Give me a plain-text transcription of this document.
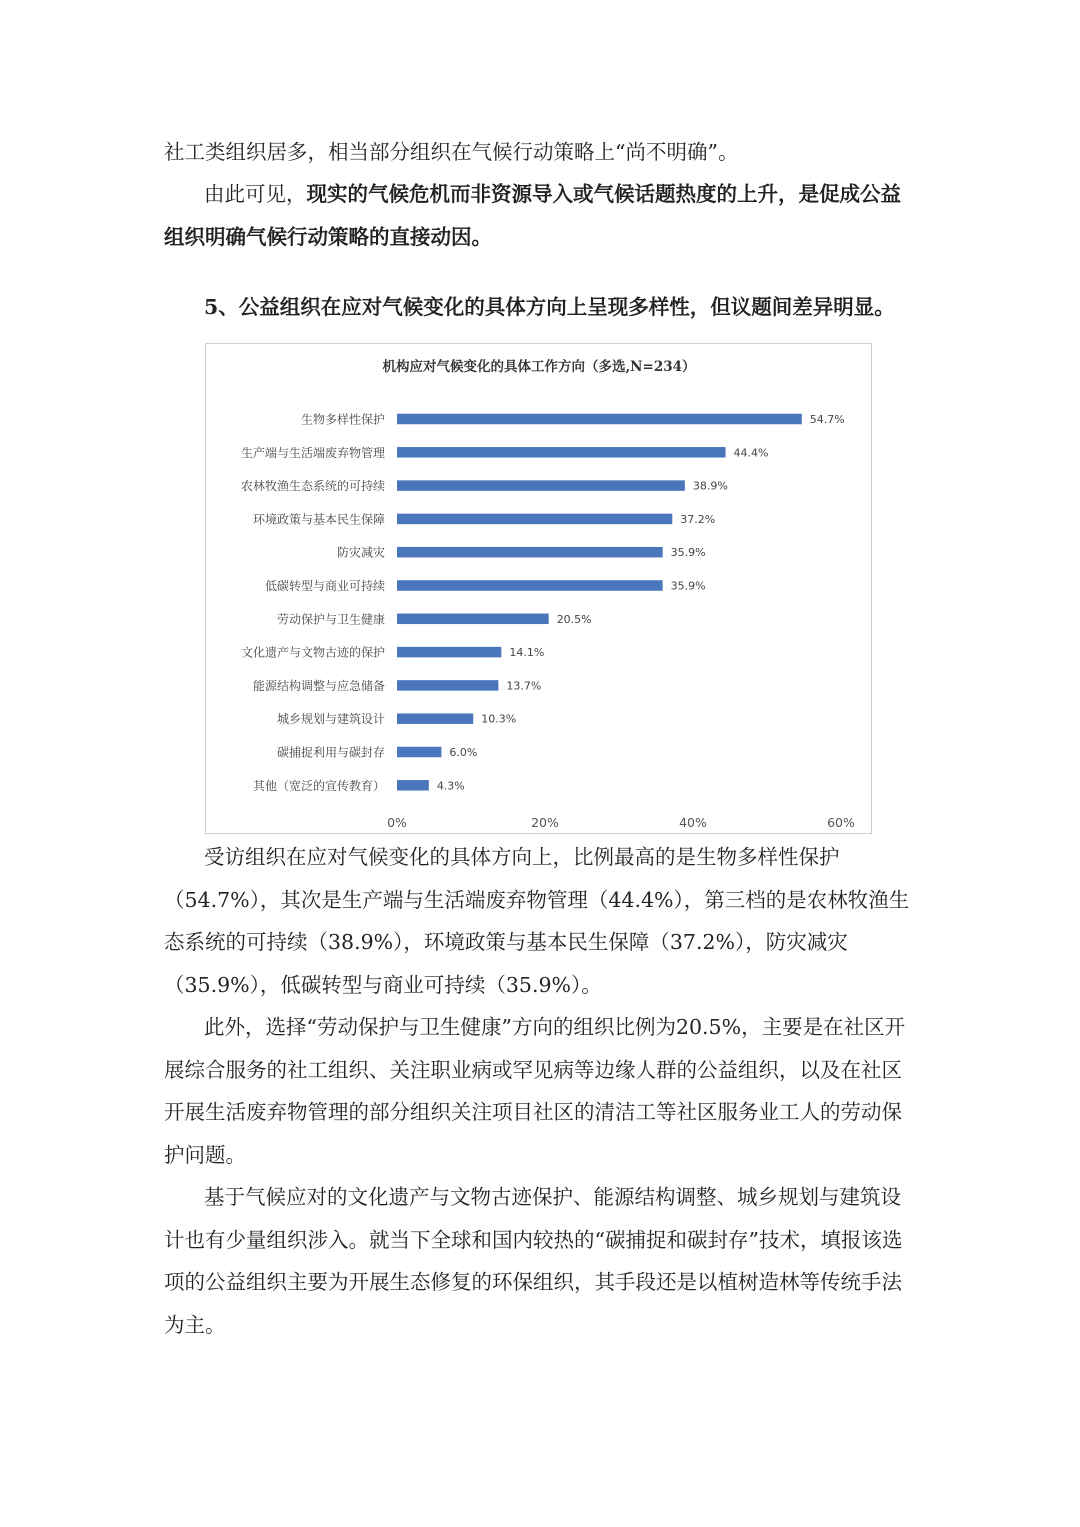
社工类组织居多，相当部分组织在气候行动策略上“尚不明确”。

由此可见，现实的气候危机而非资源导入或气候话题热度的上升，是促成公益组织明确气候行动策略的直接动因。

5、公益组织在应对气候变化的具体方向上呈现多样性，但议题间差异明显。

机构应对气候变化的具体工作方向（多选,N=234）
生物多样性保护	54.7%
生产端与生活端废弃物管理	44.4%
农林牧渔生态系统的可持续	38.9%
环境政策与基本民生保障	37.2%
防灾减灾	35.9%
低碳转型与商业可持续	35.9%
劳动保护与卫生健康	20.5%
文化遗产与文物古迹的保护	14.1%
能源结构调整与应急储备	13.7%
城乡规划与建筑设计	10.3%
碳捕捉利用与碳封存	6.0%
其他（宽泛的宣传教育）	4.3%
0%	20%	40%	60%

受访组织在应对气候变化的具体方向上，比例最高的是生物多样性保护（54.7%），其次是生产端与生活端废弃物管理（44.4%），第三档的是农林牧渔生态系统的可持续（38.9%），环境政策与基本民生保障（37.2%），防灾减灾（35.9%），低碳转型与商业可持续（35.9%）。

此外，选择“劳动保护与卫生健康”方向的组织比例为20.5%，主要是在社区开展综合服务的社工组织、关注职业病或罕见病等边缘人群的公益组织，以及在社区开展生活废弃物管理的部分组织关注项目社区的清洁工等社区服务业工人的劳动保护问题。

基于气候应对的文化遗产与文物古迹保护、能源结构调整、城乡规划与建筑设计也有少量组织涉入。就当下全球和国内较热的“碳捕捉和碳封存”技术，填报该选项的公益组织主要为开展生态修复的环保组织，其手段还是以植树造林等传统手法为主。
